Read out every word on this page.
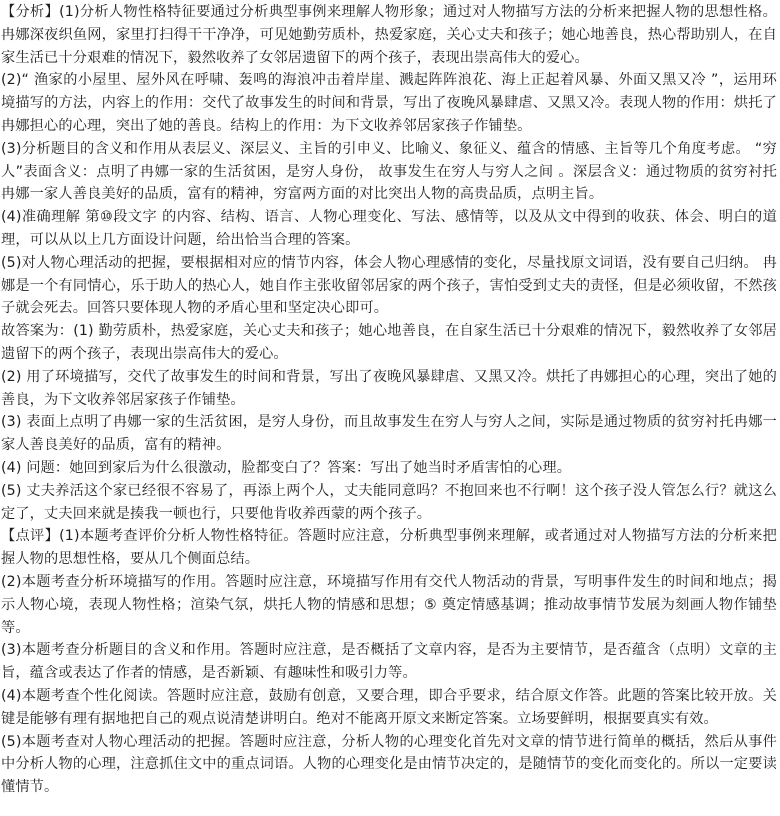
【分析】(1)分析人物性格特征要通过分析典型事例来理解人物形象；通过对人物描写方法的分析来把握人物的思想性格。 冉娜深夜织鱼网，家里打扫得干干净净，可见她勤劳质朴，热爱家庭，关心丈夫和孩子；她心地善良，热心帮助别人，在自家生活已十分艰难的情况下，毅然收养了女邻居遗留下的两个孩子，表现出崇高伟大的爱心。

(2)“ 渔家的小屋里、屋外风在呼啸、轰鸣的海浪冲击着岸崖、溅起阵阵浪花、海上正起着风暴、外面又黑又冷 ”，运用环境描写的方法，内容上的作用：交代了故事发生的时间和背景，写出了夜晚风暴肆虐、又黑又冷。表现人物的作用：烘托了冉娜担心的心理，突出了她的善良。结构上的作用：为下文收养邻居家孩子作铺垫。

(3)分析题目的含义和作用从表层义、深层义、主旨的引申义、比喻义、象征义、蕴含的情感、主旨等几个角度考虑。 “穷人”表面含义：点明了冉娜一家的生活贫困，是穷人身份， 故事发生在穷人与穷人之间 。深层含义：通过物质的贫穷衬托冉娜一家人善良美好的品质，富有的精神，穷富两方面的对比突出人物的高贵品质，点明主旨。

(4)准确理解 第⑩段文字 的内容、结构、语言、人物心理变化、写法、感情等，以及从文中得到的收获、体会、明白的道理，可以从以上几方面设计问题，给出恰当合理的答案。

(5)对人物心理活动的把握，要根据相对应的情节内容，体会人物心理感情的变化，尽量找原文词语，没有要自己归纳。 冉娜是一个有同情心，乐于助人的热心人，她自作主张收留邻居家的两个孩子，害怕受到丈夫的责怪，但是必须收留，不然孩子就会死去。回答只要体现人物的矛盾心里和坚定决心即可。

故答案为：(1) 勤劳质朴，热爱家庭，关心丈夫和孩子；她心地善良，在自家生活已十分艰难的情况下，毅然收养了女邻居遗留下的两个孩子，表现出崇高伟大的爱心。

(2) 用了环境描写，交代了故事发生的时间和背景，写出了夜晚风暴肆虐、又黑又冷。烘托了冉娜担心的心理，突出了她的善良，为下文收养邻居家孩子作铺垫。

(3) 表面上点明了冉娜一家的生活贫困，是穷人身份，而且故事发生在穷人与穷人之间，实际是通过物质的贫穷衬托冉娜一家人善良美好的品质，富有的精神。

(4) 问题：她回到家后为什么很激动，脸都变白了？答案：写出了她当时矛盾害怕的心理。

(5) 丈夫养活这个家已经很不容易了，再添上两个人，丈夫能同意吗？不抱回来也不行啊！这个孩子没人管怎么行？就这么定了，丈夫回来就是揍我一顿也行，只要他肯收养西蒙的两个孩子。

【点评】(1)本题考查评价分析人物性格特征。答题时应注意，分析典型事例来理解，或者通过对人物描写方法的分析来把握人物的思想性格，要从几个侧面总结。

(2)本题考查分析环境描写的作用。答题时应注意，环境描写作用有交代人物活动的背景，写明事件发生的时间和地点；揭示人物心境，表现人物性格；渲染气氛，烘托人物的情感和思想；⑤ 奠定情感基调；推动故事情节发展为刻画人物作铺垫等。

(3)本题考查分析题目的含义和作用。答题时应注意，是否概括了文章内容，是否为主要情节，是否蕴含（点明）文章的主旨，蕴含或表达了作者的情感，是否新颖、有趣味性和吸引力等。

(4)本题考查个性化阅读。答题时应注意，鼓励有创意，又要合理，即合乎要求，结合原文作答。此题的答案比较开放。关键是能够有理有据地把自己的观点说清楚讲明白。绝对不能离开原文来断定答案。立场要鲜明，根据要真实有效。

(5)本题考查对人物心理活动的把握。答题时应注意，分析人物的心理变化首先对文章的情节进行简单的概括，然后从事件中分析人物的心理，注意抓住文中的重点词语。人物的心理变化是由情节决定的，是随情节的变化而变化的。所以一定要读懂情节。
